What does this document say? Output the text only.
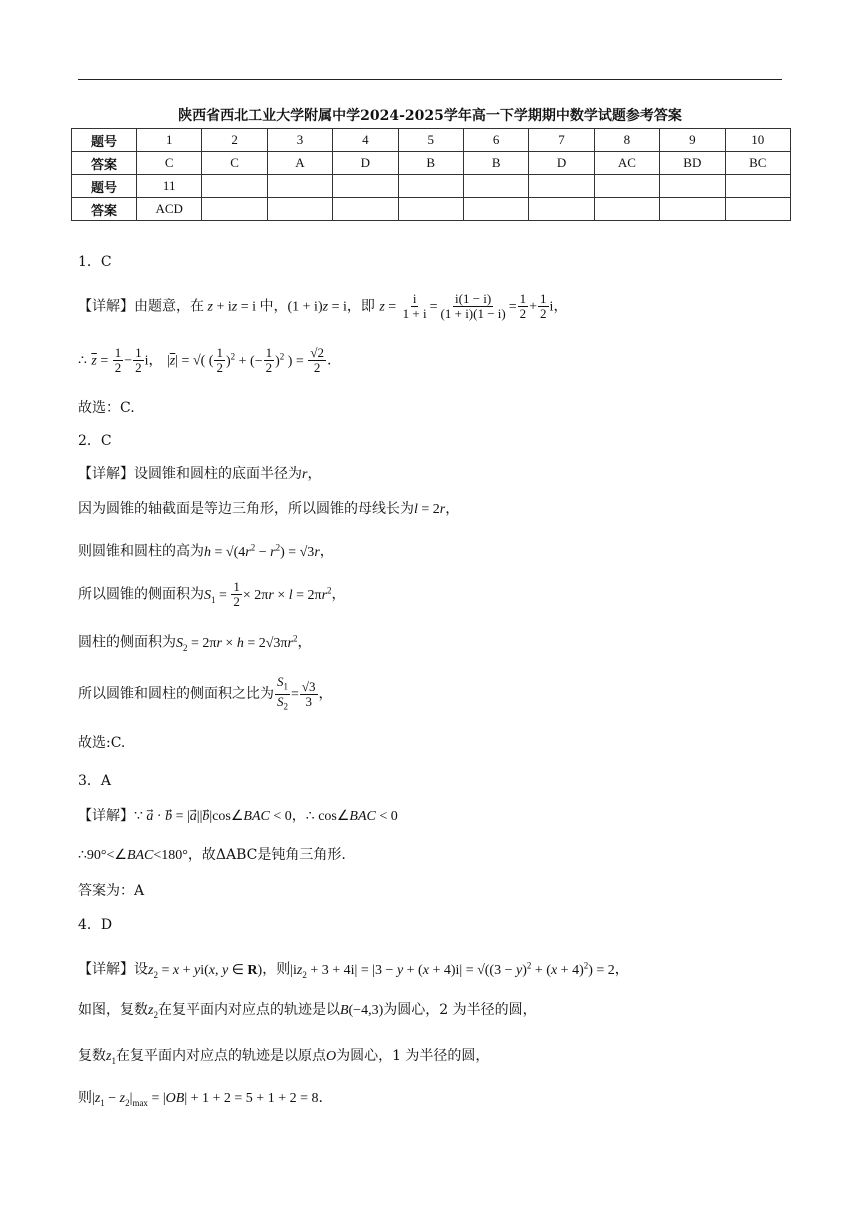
陕西省西北工业大学附属中学2024-2025学年高一下学期期中数学试题参考答案
题号	1	2	3	4	5	6	7	8	9	10
答案	C	C	A	D	B	B	D	AC	BD	BC
题号	11									
答案	ACD									
1．C
【详解】由题意，在 z + iz = i 中，(1 + i)z = i，即 $z = \frac{i}{1 + i} = \frac{i(1 - i)}{(1 + i)(1 - i)} = \frac{1}{2} + \frac{1}{2}$ i，
∴ $\overline{z} = \frac{1}{2} - \frac{1}{2}$ i， $|\overline{z}|$ = √( ( $\frac{1}{2} )^2$ + (− $\frac{1}{2} )^2$ ) = $\frac{√2}{2}$ .
故选：C.
2．C
【详解】设圆锥和圆柱的底面半径为r，
因为圆锥的轴截面是等边三角形，所以圆锥的母线长为l = 2r，
则圆锥和圆柱的高为$h = √(4r^2 - r^2) = √3r$，
所以圆锥的侧面积为$S_1 = \frac{1}{2} \times 2\pi r \times l = 2\pi r^2$，
圆柱的侧面积为$S_2 = 2\pi r \times h = 2√3\pi r^2$，
所以圆锥和圆柱的侧面积之比为 $\frac{S_1}{S_2} = \frac{√3}{3}$ ，
故选:C.
3．A
【详解】∵ a⃗ · b⃗ = |a⃗||b⃗|cos∠BAC < 0，∴ cos∠BAC < 0
∴90°<∠BAC<180°，故ΔABC是钝角三角形.
答案为：A
4．D
【详解】设$z_2 = x + yi(x$, y ∈ R)，则$|iz_2 + 3 + 4i| = |3 - y + (x + 4)i| = √((3 - y)^2 + (x + 4)^2) = 2$，
如图，复数$z_2$在复平面内对应点的轨迹是以B(−4,3)为圆心，2 为半径的圆，
复数$z_1$在复平面内对应点的轨迹是以原点O为圆心，1 为半径的圆，
则$|z_1 - z_2|_{max} = |OB| + 1 + 2 = 5 + 1 + 2 = 8$.
